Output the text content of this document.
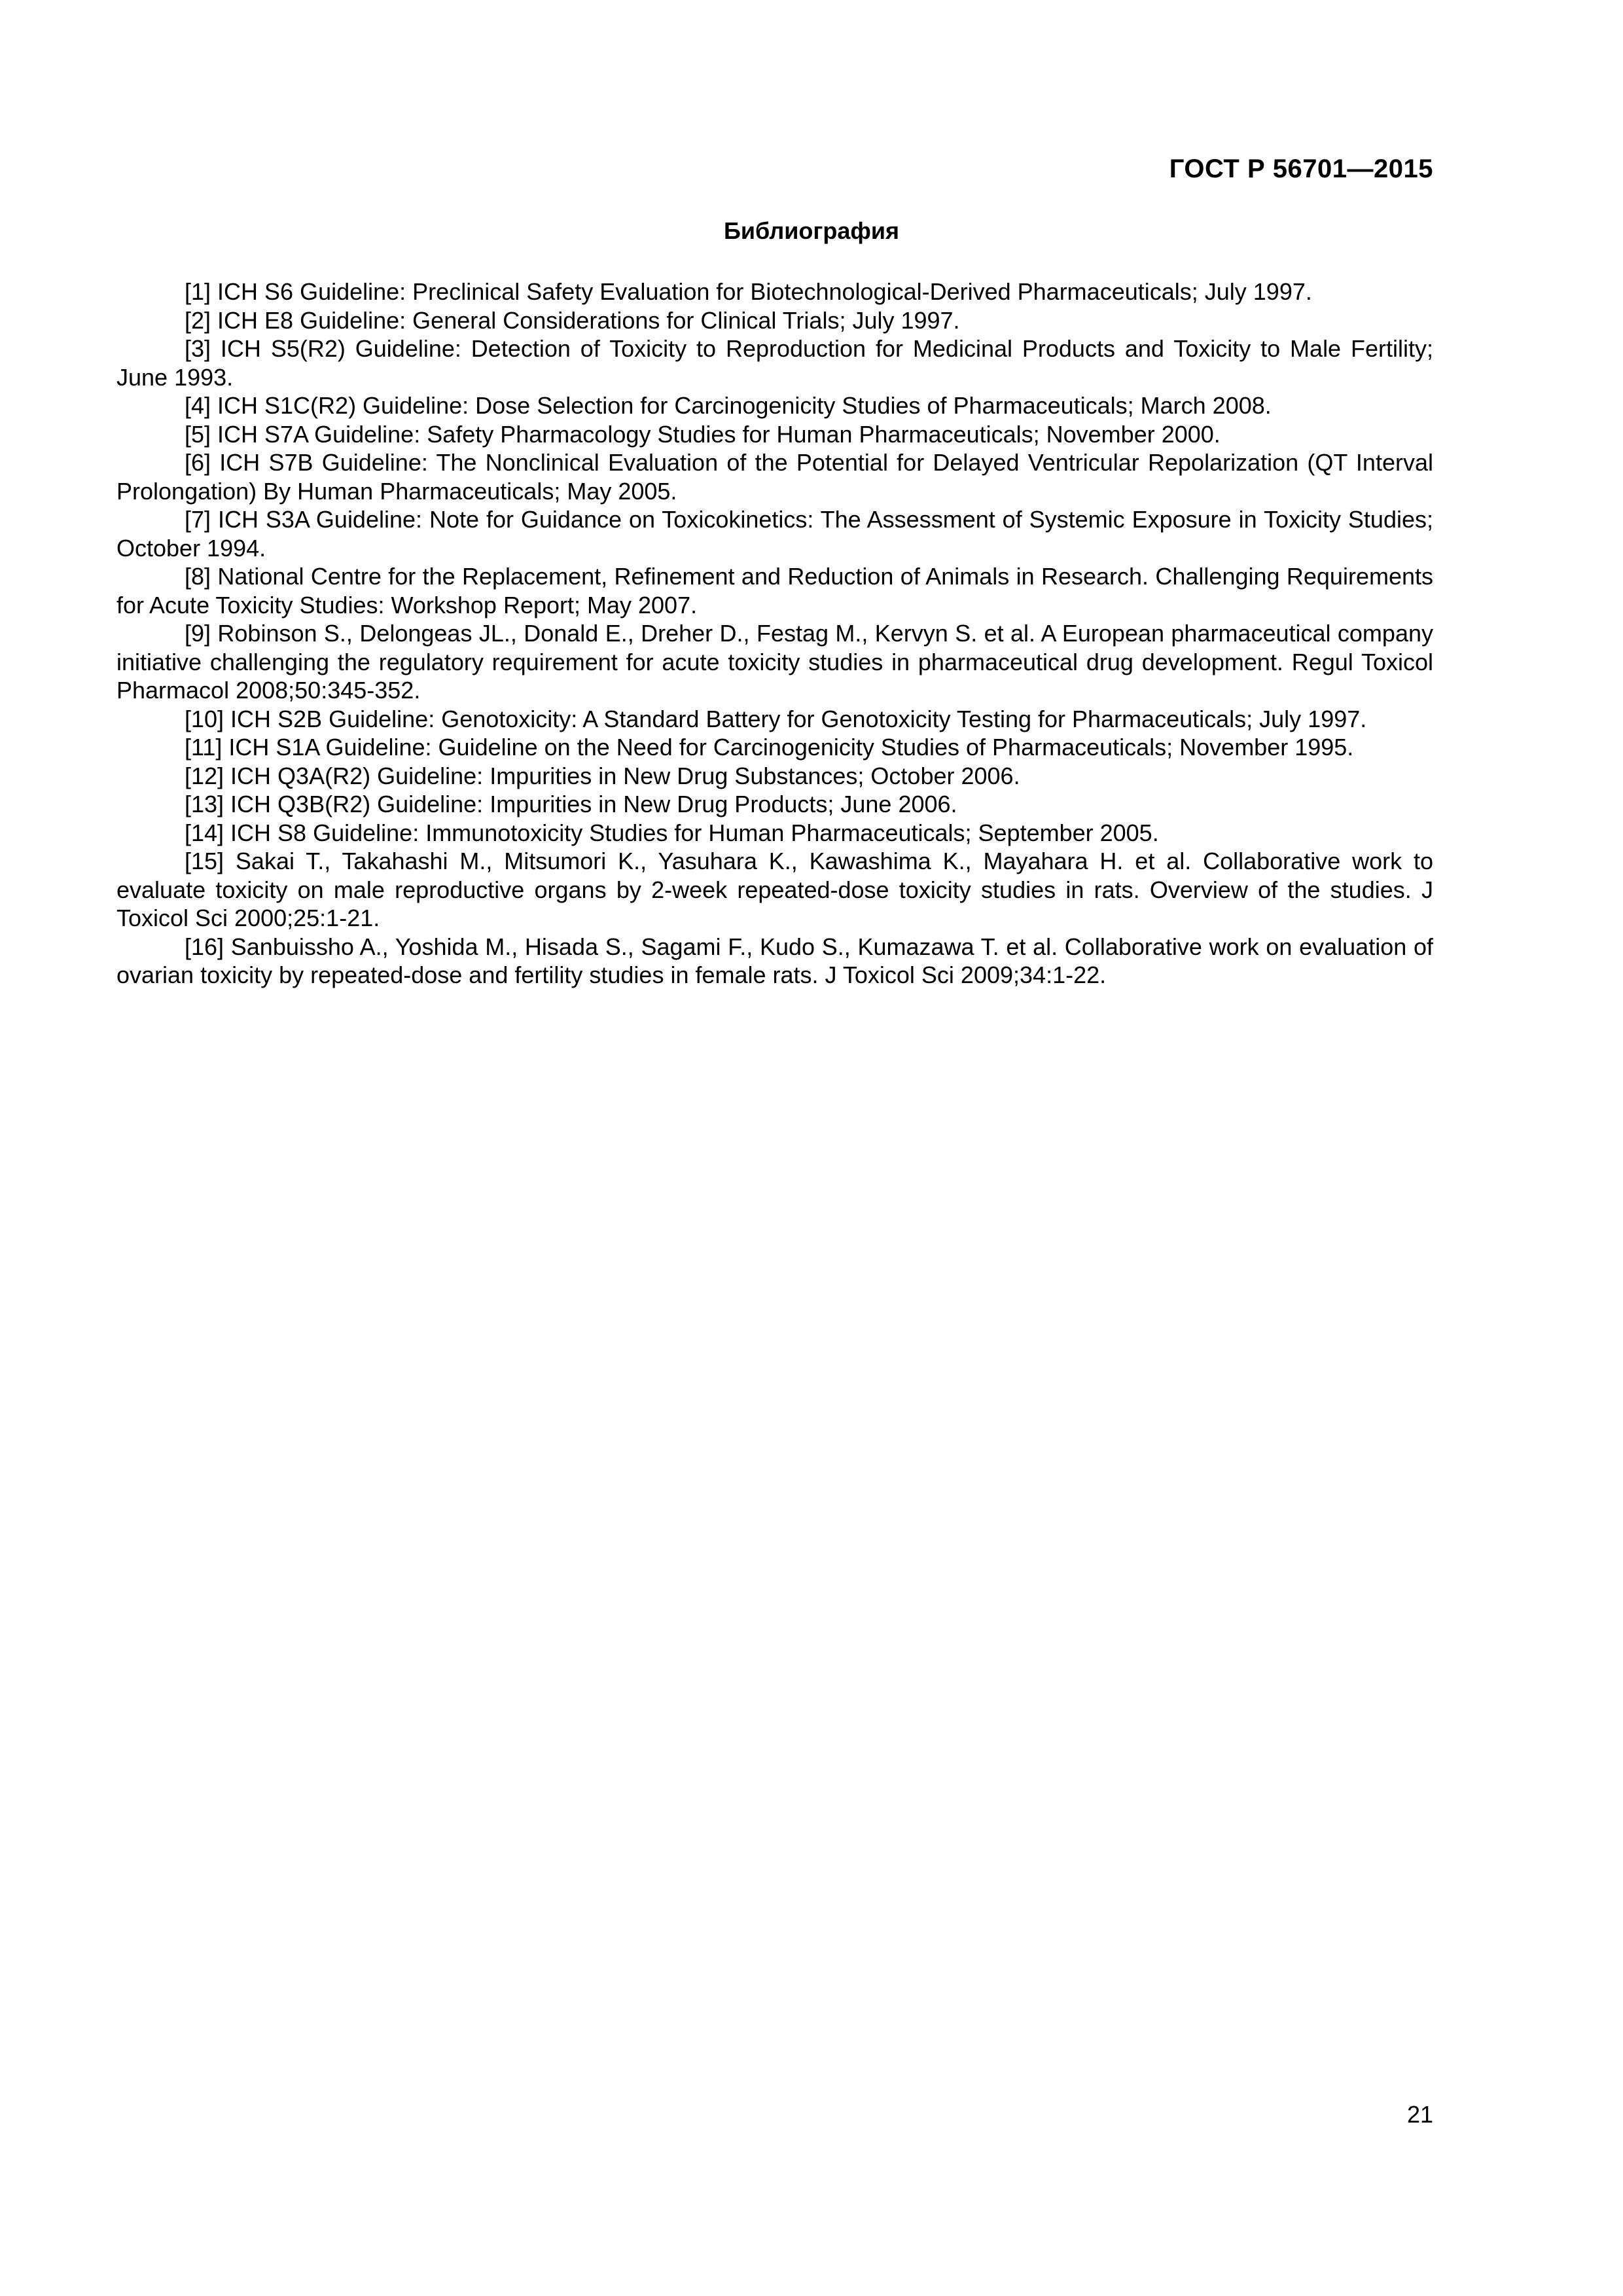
ГОСТ Р 56701—2015
Библиография

[1] ICH S6 Guideline: Preclinical Safety Evaluation for Biotechnological-Derived Pharmaceuticals; July 1997.

[2] ICH E8 Guideline: General Considerations for Clinical Trials; July 1997.

[3] ICH S5(R2) Guideline: Detection of Toxicity to Reproduction for Medicinal Products and Toxicity to Male Fertility; June 1993.

[4] ICH S1C(R2) Guideline: Dose Selection for Carcinogenicity Studies of Pharmaceuticals; March 2008.

[5] ICH S7A Guideline: Safety Pharmacology Studies for Human Pharmaceuticals; November 2000.

[6] ICH S7B Guideline: The Nonclinical Evaluation of the Potential for Delayed Ventricular Repolarization (QT Interval Prolongation) By Human Pharmaceuticals; May 2005.

[7] ICH S3A Guideline: Note for Guidance on Toxicokinetics: The Assessment of Systemic Exposure in Toxicity Studies; October 1994.

[8] National Centre for the Replacement, Refinement and Reduction of Animals in Research. Challenging Requirements for Acute Toxicity Studies: Workshop Report; May 2007.

[9] Robinson S., Delongeas JL., Donald E., Dreher D., Festag M., Kervyn S. et al. A European pharmaceutical company initiative challenging the regulatory requirement for acute toxicity studies in pharmaceutical drug development. Regul Toxicol Pharmacol 2008;50:345-352.

[10] ICH S2B Guideline: Genotoxicity: A Standard Battery for Genotoxicity Testing for Pharmaceuticals; July 1997.

[11] ICH S1A Guideline: Guideline on the Need for Carcinogenicity Studies of Pharmaceuticals; November 1995.

[12] ICH Q3A(R2) Guideline: Impurities in New Drug Substances; October 2006.

[13] ICH Q3B(R2) Guideline: Impurities in New Drug Products; June 2006.

[14] ICH S8 Guideline: Immunotoxicity Studies for Human Pharmaceuticals; September 2005.

[15] Sakai T., Takahashi M., Mitsumori K., Yasuhara K., Kawashima K., Mayahara H. et al. Collaborative work to evaluate toxicity on male reproductive organs by 2-week repeated-dose toxicity studies in rats. Overview of the studies. J Toxicol Sci 2000;25:1-21.

[16] Sanbuissho A., Yoshida M., Hisada S., Sagami F., Kudo S., Kumazawa T. et al. Collaborative work on evaluation of ovarian toxicity by repeated-dose and fertility studies in female rats. J Toxicol Sci 2009;34:1-22.

21
